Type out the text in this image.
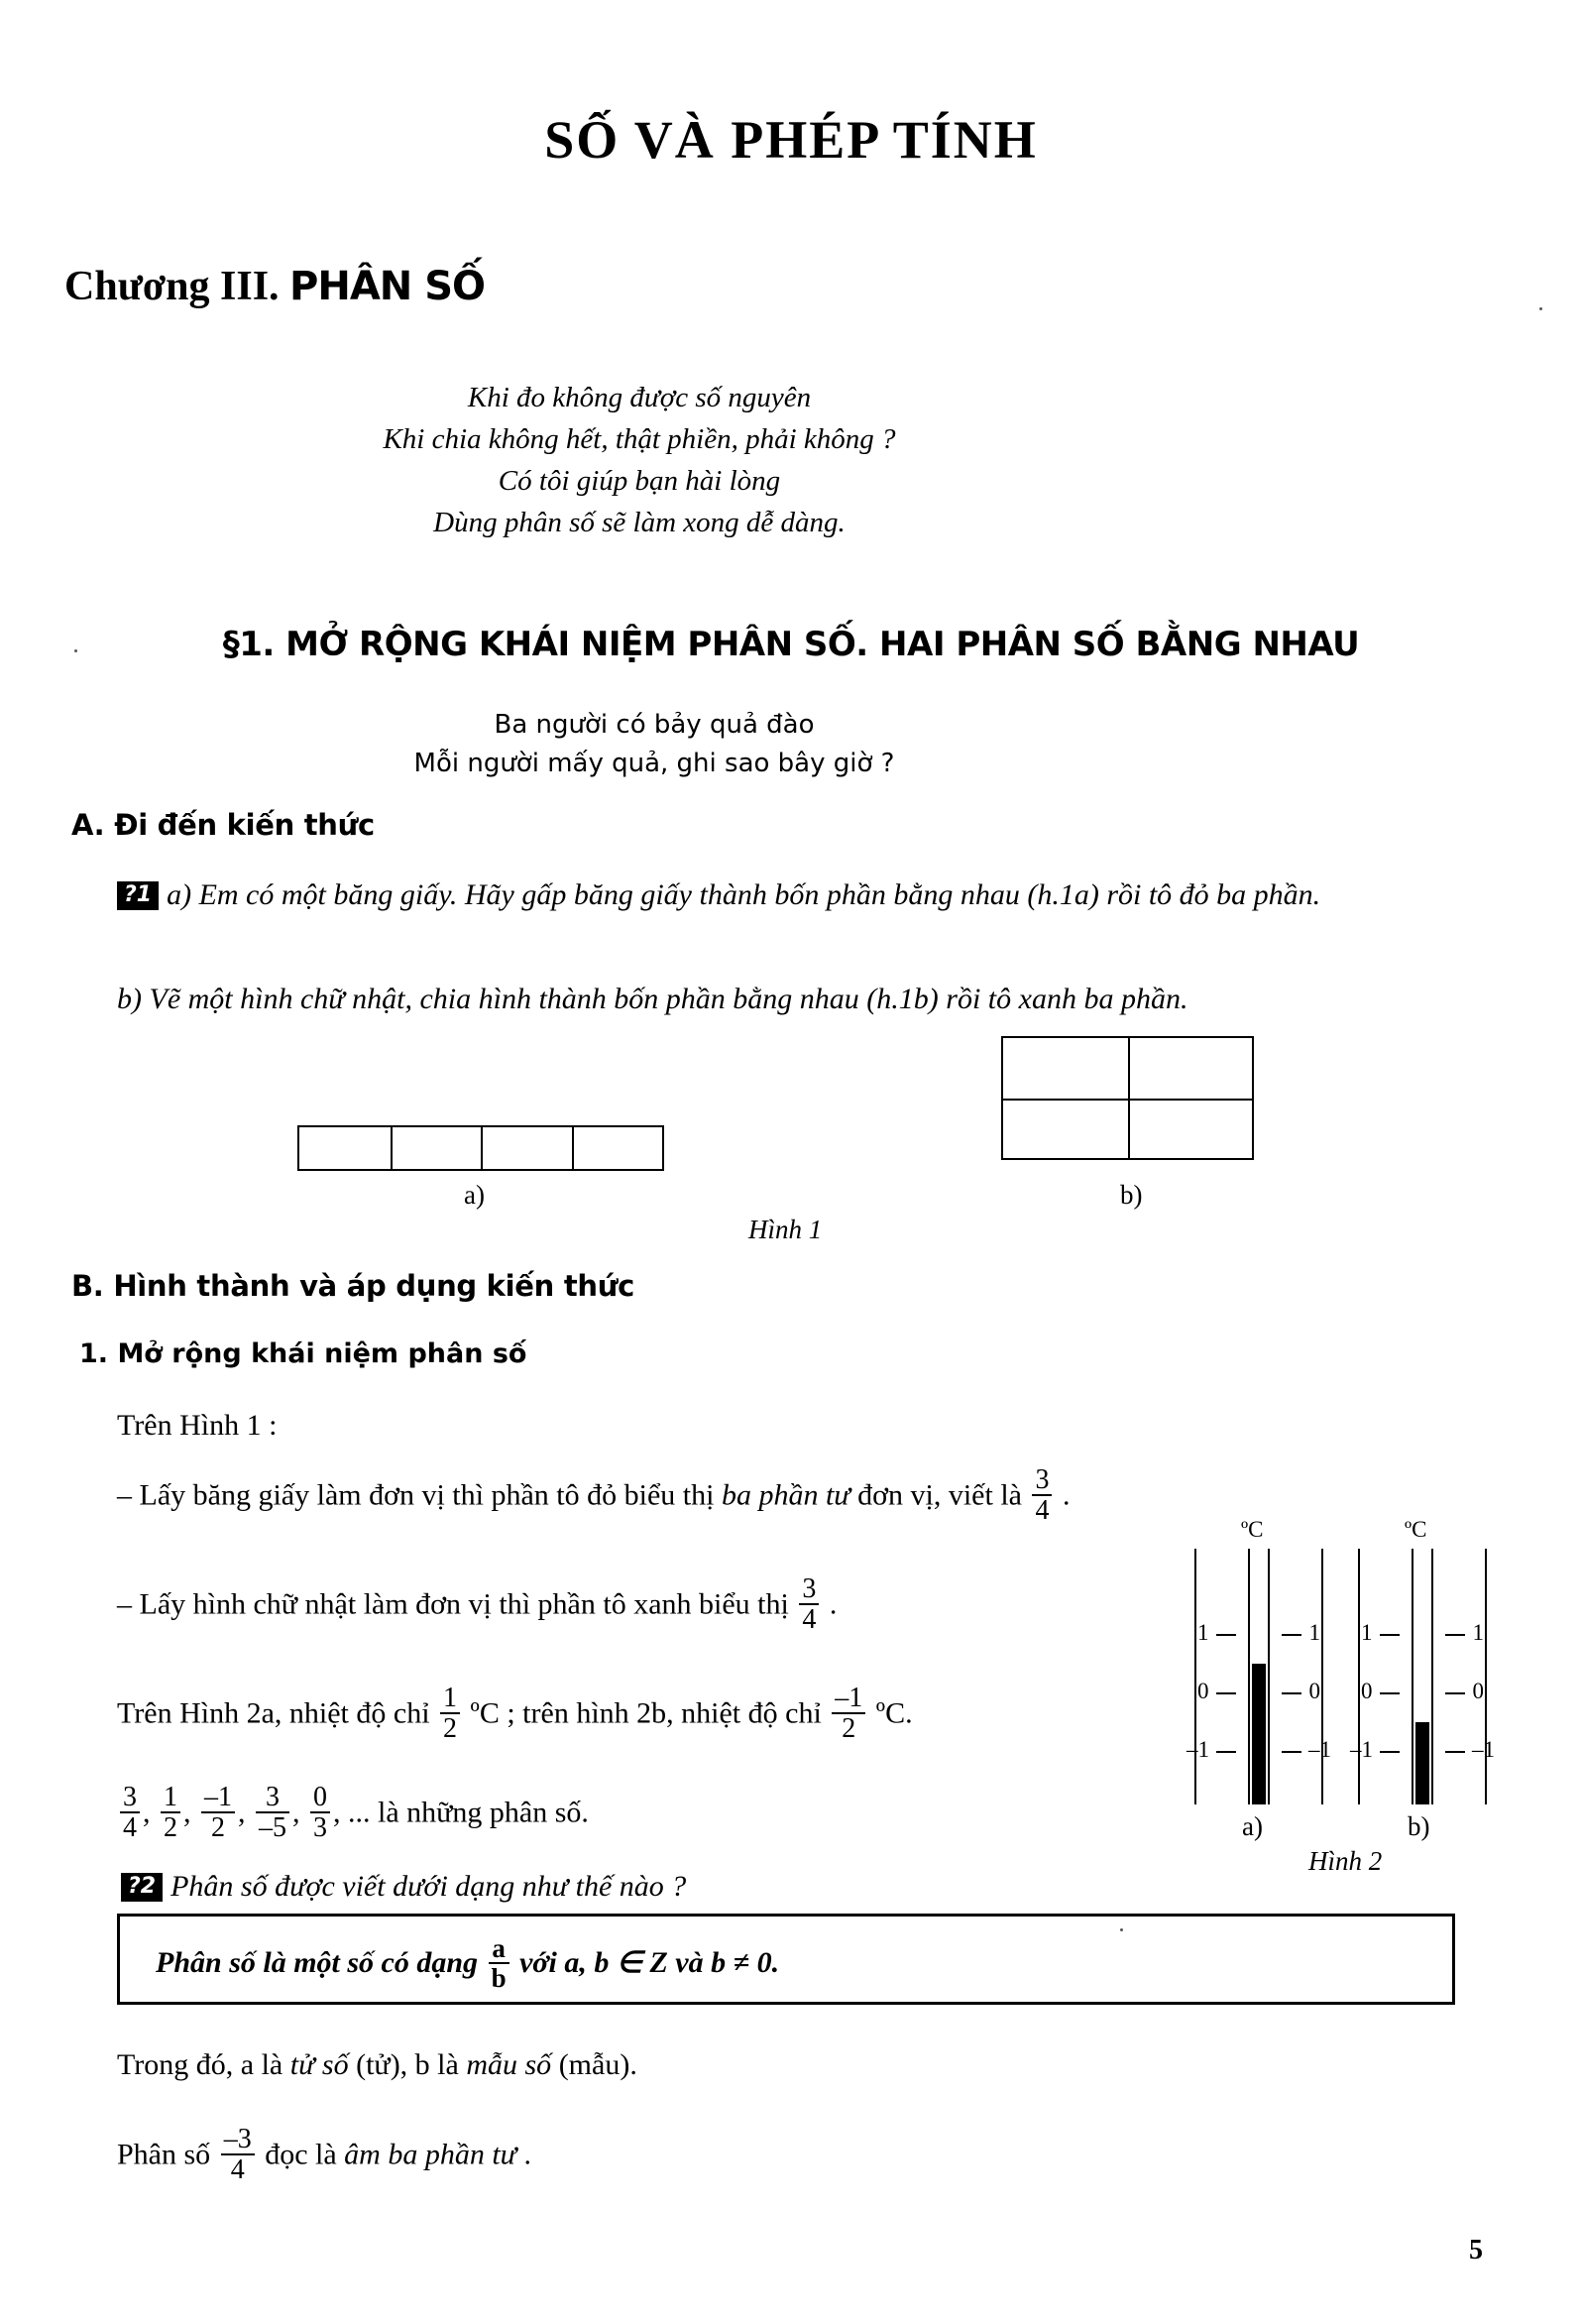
SỐ VÀ PHÉP TÍNH
Chương III. PHÂN SỐ
Khi đo không được số nguyên
Khi chia không hết, thật phiền, phải không ?
Có tôi giúp bạn hài lòng
Dùng phân số sẽ làm xong dễ dàng.
§1. MỞ RỘNG KHÁI NIỆM PHÂN SỐ. HAI PHÂN SỐ BẰNG NHAU
Ba người có bảy quả đào
Mỗi người mấy quả, ghi sao bây giờ ?
A. Đi đến kiến thức
?1 a) Em có một băng giấy. Hãy gấp băng giấy thành bốn phần bằng nhau (h.1a) rồi tô đỏ ba phần.
b) Vẽ một hình chữ nhật, chia hình thành bốn phần bằng nhau (h.1b) rồi tô xanh ba phần.
a)	b)
Hình 1
B. Hình thành và áp dụng kiến thức
1. Mở rộng khái niệm phân số
Trên Hình 1 :
– Lấy băng giấy làm đơn vị thì phần tô đỏ biểu thị ba phần tư đơn vị, viết là $\frac{3}{4}$ .
– Lấy hình chữ nhật làm đơn vị thì phần tô xanh biểu thị $\frac{3}{4}$ .
Trên Hình 2a, nhiệt độ chỉ $\frac{1}{2}$ ºC ; trên hình 2b, nhiệt độ chỉ $\frac{-1}{2}$ ºC.
$\frac{3}{4}$ , $\frac{1}{2}$ , $\frac{-1}{2}$ , $\frac{3}{-5}$ , $\frac{0}{3}$ , ... là những phân số.
?2 Phân số được viết dưới dạng như thế nào ?
ºC
1	1
0	0
–1	–1
ºC
1	1
0	0
–1	–1
a)	b)
Hình 2
Phân số là một số có dạng $\frac{a}{b}$ với a, b ∈ Z và b ≠ 0.
Trong đó, a là tử số (tử), b là mẫu số (mẫu).
Phân số $\frac{-3}{4}$ đọc là âm ba phần tư .
5
